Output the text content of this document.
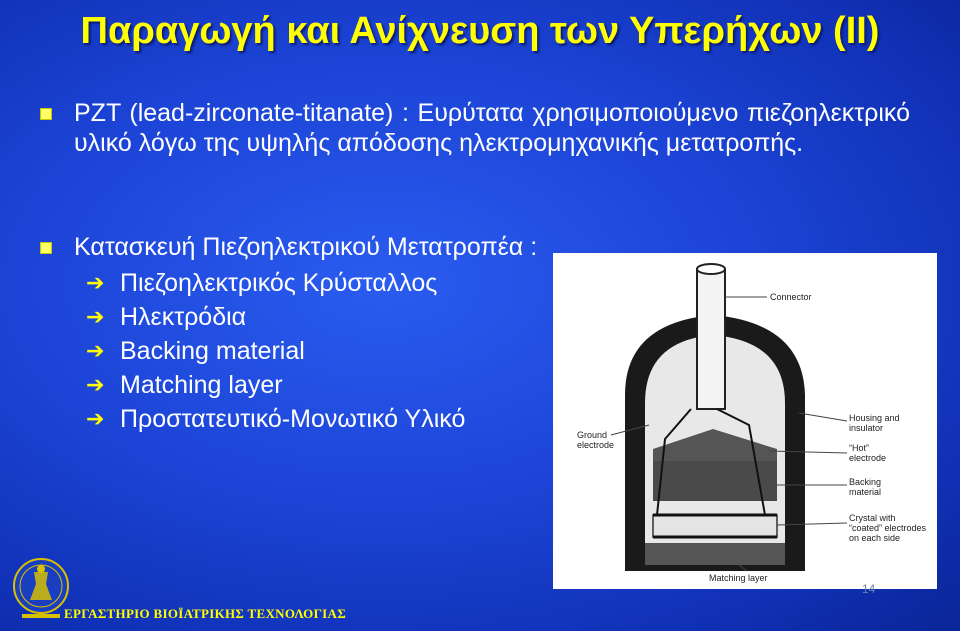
Παραγωγή και Ανίχνευση των Υπερήχων (ΙΙ)
PZT (lead-zirconate-titanate) : Ευρύτατα χρησιμοποιούμενο πιεζοηλεκτρικό υλικό λόγω της υψηλής απόδοσης ηλεκτρομηχανικής μετατροπής.
Κατασκευή Πιεζοηλεκτρικού Μετατροπέα :
➔ Πιεζοηλεκτρικός Κρύσταλλος
➔ Ηλεκτρόδια
➔ Backing material
➔ Matching layer
➔ Προστατευτικό-Μονωτικό Υλικό
Connector
Housing and
insulator
Ground
electrode	“Hot”
electrode
Backing
material
Crystal with
“coated” electrodes
on each side
Matching layer
ΕΡΓΑΣΤΗΡΙΟ ΒΙΟΪΑΤΡΙΚΗΣ ΤΕΧΝΟΛΟΓΙΑΣ
14
